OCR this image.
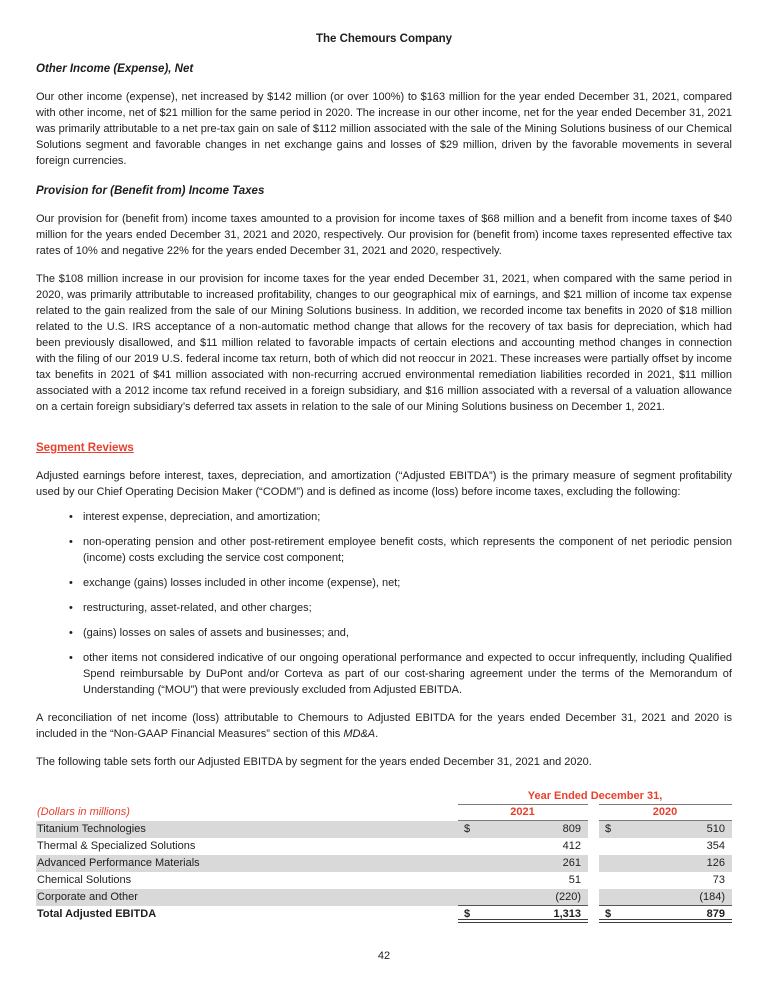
The Chemours Company
Other Income (Expense), Net
Our other income (expense), net increased by $142 million (or over 100%) to $163 million for the year ended December 31, 2021, compared with other income, net of $21 million for the same period in 2020. The increase in our other income, net for the year ended December 31, 2021 was primarily attributable to a net pre-tax gain on sale of $112 million associated with the sale of the Mining Solutions business of our Chemical Solutions segment and favorable changes in net exchange gains and losses of $29 million, driven by the favorable movements in several foreign currencies.
Provision for (Benefit from) Income Taxes
Our provision for (benefit from) income taxes amounted to a provision for income taxes of $68 million and a benefit from income taxes of $40 million for the years ended December 31, 2021 and 2020, respectively. Our provision for (benefit from) income taxes represented effective tax rates of 10% and negative 22% for the years ended December 31, 2021 and 2020, respectively.
The $108 million increase in our provision for income taxes for the year ended December 31, 2021, when compared with the same period in 2020, was primarily attributable to increased profitability, changes to our geographical mix of earnings, and $21 million of income tax expense related to the gain realized from the sale of our Mining Solutions business. In addition, we recorded income tax benefits in 2020 of $18 million related to the U.S. IRS acceptance of a non-automatic method change that allows for the recovery of tax basis for depreciation, which had been previously disallowed, and $11 million related to favorable impacts of certain elections and accounting method changes in connection with the filing of our 2019 U.S. federal income tax return, both of which did not reoccur in 2021. These increases were partially offset by income tax benefits in 2021 of $41 million associated with non-recurring accrued environmental remediation liabilities recorded in 2021, $11 million associated with a 2012 income tax refund received in a foreign subsidiary, and $16 million associated with a reversal of a valuation allowance on a certain foreign subsidiary’s deferred tax assets in relation to the sale of our Mining Solutions business on December 1, 2021.
Segment Reviews
Adjusted earnings before interest, taxes, depreciation, and amortization (“Adjusted EBITDA”) is the primary measure of segment profitability used by our Chief Operating Decision Maker (“CODM”) and is defined as income (loss) before income taxes, excluding the following:
• interest expense, depreciation, and amortization;
• non-operating pension and other post-retirement employee benefit costs, which represents the component of net periodic pension (income) costs excluding the service cost component;
• exchange (gains) losses included in other income (expense), net;
• restructuring, asset-related, and other charges;
• (gains) losses on sales of assets and businesses; and,
• other items not considered indicative of our ongoing operational performance and expected to occur infrequently, including Qualified Spend reimbursable by DuPont and/or Corteva as part of our cost-sharing agreement under the terms of the Memorandum of Understanding (“MOU”) that were previously excluded from Adjusted EBITDA.
A reconciliation of net income (loss) attributable to Chemours to Adjusted EBITDA for the years ended December 31, 2021 and 2020 is included in the “Non-GAAP Financial Measures” section of this MD&A.
The following table sets forth our Adjusted EBITDA by segment for the years ended December 31, 2021 and 2020.
Year Ended December 31,
(Dollars in millions)	2021	2020
Titanium Technologies	$	809 $	510
Thermal & Specialized Solutions	412	354
Advanced Performance Materials	261	126
Chemical Solutions	51	73
Corporate and Other	(220)	(184)
Total Adjusted EBITDA	$	1,313 $	879
42
